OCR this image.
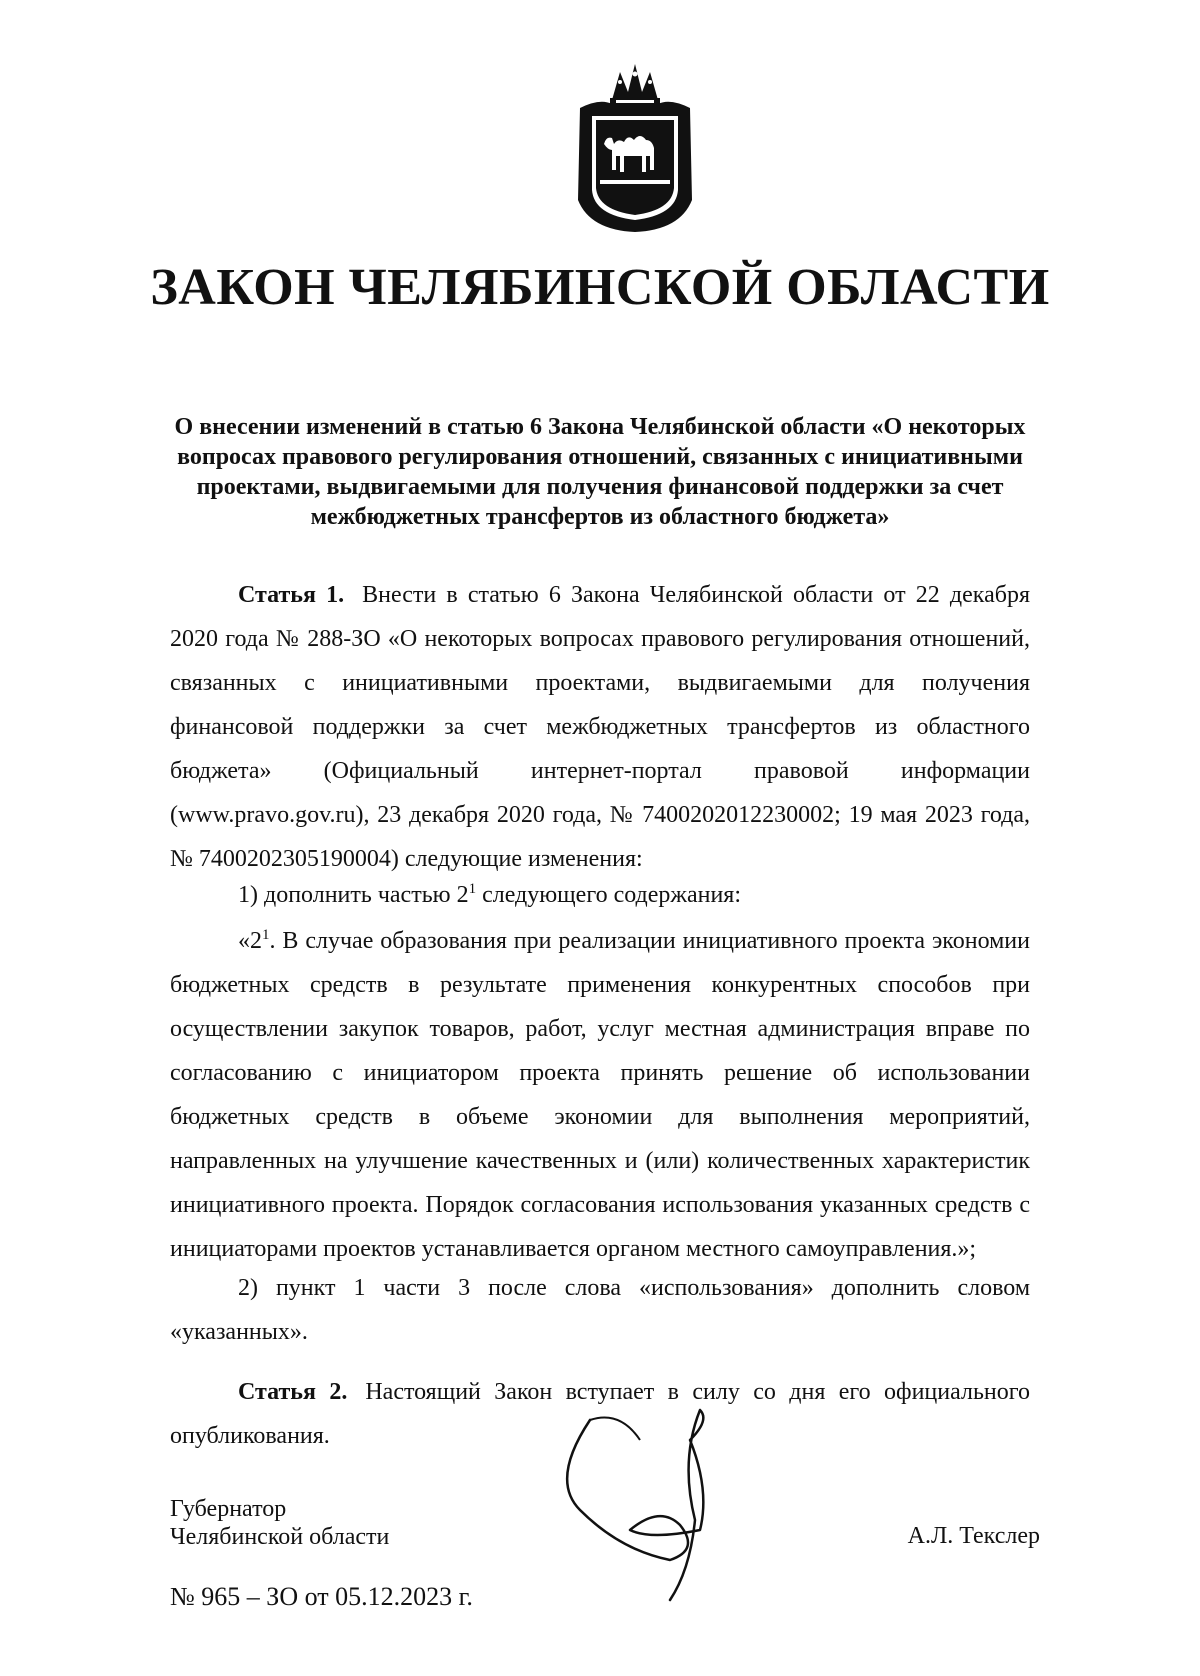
ЗАКОН ЧЕЛЯБИНСКОЙ ОБЛАСТИ

О внесении изменений в статью 6 Закона Челябинской области «О некоторых вопросах правового регулирования отношений, связанных с инициативными проектами, выдвигаемыми для получения финансовой поддержки за счет межбюджетных трансфертов из областного бюджета»

Статья 1. Внести в статью 6 Закона Челябинской области от 22 декабря 2020 года № 288-ЗО «О некоторых вопросах правового регулирования отношений, связанных с инициативными проектами, выдвигаемыми для получения финансовой поддержки за счет межбюджетных трансфертов из областного бюджета» (Официальный интернет-портал правовой информации (www.pravo.gov.ru), 23 декабря 2020 года, № 7400202012230002; 19 мая 2023 года, № 7400202305190004) следующие изменения:

1) дополнить частью $2^1$ следующего содержания:

«$2^1$. В случае образования при реализации инициативного проекта экономии бюджетных средств в результате применения конкурентных способов при осуществлении закупок товаров, работ, услуг местная администрация вправе по согласованию с инициатором проекта принять решение об использовании бюджетных средств в объеме экономии для выполнения мероприятий, направленных на улучшение качественных и (или) количественных характеристик инициативного проекта. Порядок согласования использования указанных средств с инициаторами проектов устанавливается органом местного самоуправления.»;

2) пункт 1 части 3 после слова «использования» дополнить словом «указанных».

Статья 2. Настоящий Закон вступает в силу со дня его официального опубликования.

Губернатор
Челябинской области	А.Л. Текслер
№ 965 – ЗО от 05.12.2023 г.
